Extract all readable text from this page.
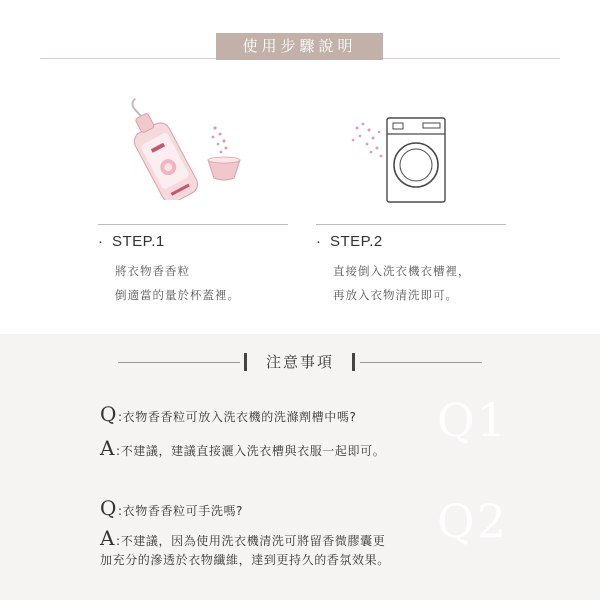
使用步驟說明
· STEP.1
將衣物香香粒
倒適當的量於杯蓋裡。
· STEP.2
直接倒入洗衣機衣槽裡，
再放入衣物清洗即可。
注意事項
Q1
Q2
Q:衣物香香粒可放入洗衣機的洗滌劑槽中嗎?
A:不建議，建議直接灑入洗衣槽與衣服一起即可。
Q:衣物香香粒可手洗嗎?
A:不建議，因為使用洗衣機清洗可將留香微膠囊更
加充分的滲透於衣物纖維，達到更持久的香氛效果。
